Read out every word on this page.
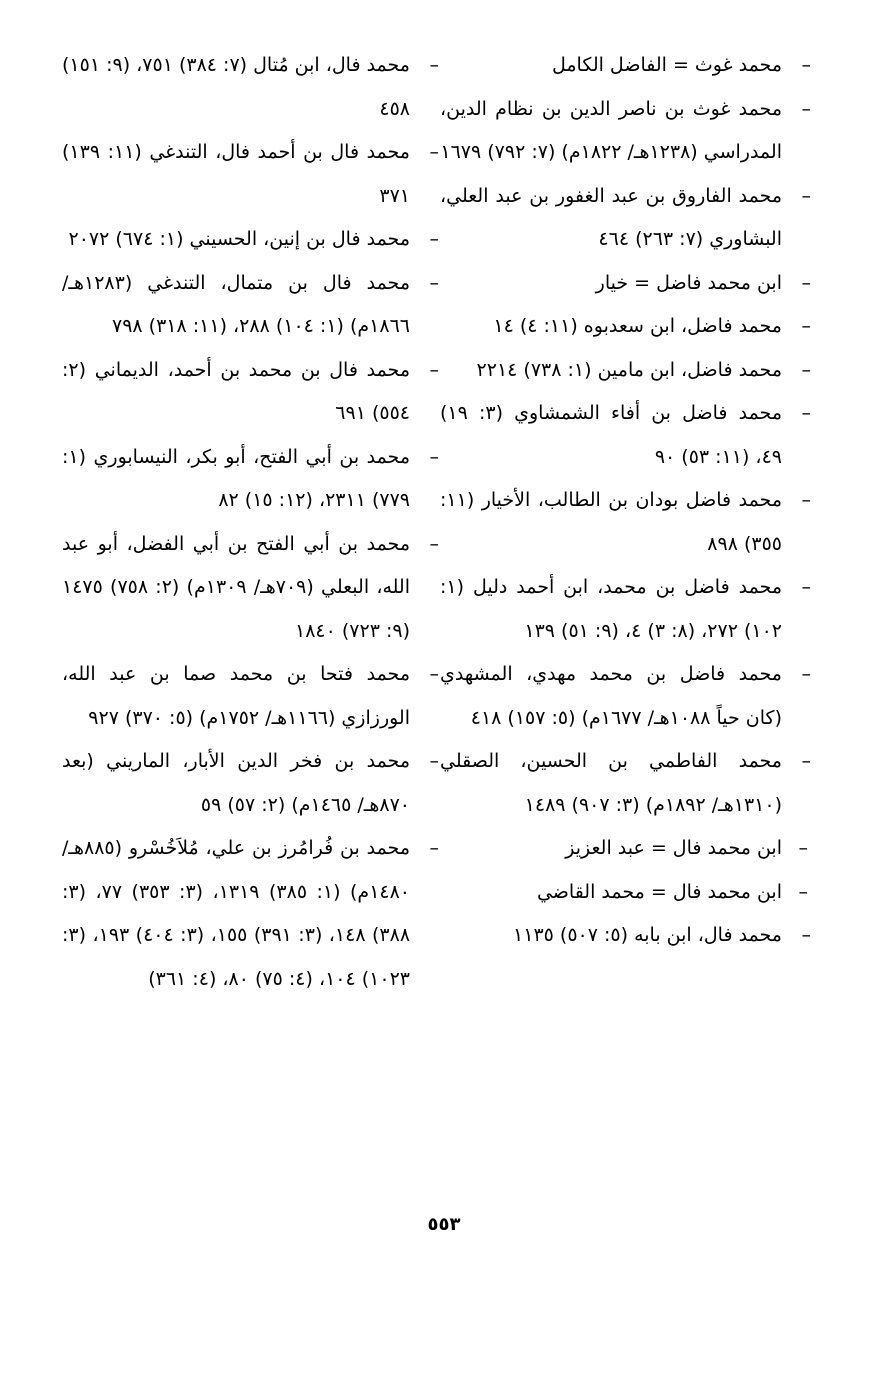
–
محمد غوث = الفاضل الكامل
–
محمد غوث بن ناصر الدين بن نظام الدين، المدراسي (١٢٣٨هـ/ ١٨٢٢م) (٧: ٧٩٢) ١٦٧٩
–
محمد الفاروق بن عبد الغفور بن عبد العلي، البشاوري (٧: ٢٦٣) ٤٦٤
–
ابن محمد فاضل = خيار
–
محمد فاضل، ابن سعدبوه (١١: ٤) ١٤
–
محمد فاضل، ابن مامين (١: ٧٣٨) ٢٢١٤
–
محمد فاضل بن أفاء الشمشاوي (٣: ١٩) ٤٩، (١١: ٥٣) ٩٠
–
محمد فاضل بودان بن الطالب، الأخيار (١١: ٣٥٥) ٨٩٨
–
محمد فاضل بن محمد، ابن أحمد دليل (١: ١٠٢) ٢٧٢، (٨: ٣) ٤، (٩: ٥١) ١٣٩
–
محمد فاضل بن محمد مهدي، المشهدي (كان حياً ١٠٨٨هـ/ ١٦٧٧م) (٥: ١٥٧) ٤١٨
–
محمد الفاطمي بن الحسين، الصقلي (١٣١٠هـ/ ١٨٩٢م) (٣: ٩٠٧) ١٤٨٩
–
ابن محمد فال = عبد العزيز
–
ابن محمد فال = محمد القاضي
–
محمد فال، ابن بابه (٥: ٥٠٧) ١١٣٥
–
محمد فال، ابن مُتال (٧: ٣٨٤) ٧٥١، (٩: ١٥١) ٤٥٨
–
محمد فال بن أحمد فال، التندغي (١١: ١٣٩) ٣٧١
–
محمد فال بن إنين، الحسيني (١: ٦٧٤) ٢٠٧٢
–
محمد فال بن متمال، التندغي (١٢٨٣هـ/ ١٨٦٦م) (١: ١٠٤) ٢٨٨، (١١: ٣١٨) ٧٩٨
–
محمد فال بن محمد بن أحمد، الديماني (٢: ٥٥٤) ٦٩١
–
محمد بن أبي الفتح، أبو بكر، النيسابوري (١: ٧٧٩) ٢٣١١، (١٢: ١٥) ٨٢
–
محمد بن أبي الفتح بن أبي الفضل، أبو عبد الله، البعلي (٧٠٩هـ/ ١٣٠٩م) (٢: ٧٥٨) ١٤٧٥ (٩: ٧٢٣) ١٨٤٠
–
محمد فتحا بن محمد صما بن عبد الله، الورزازي (١١٦٦هـ/ ١٧٥٢م) (٥: ٣٧٠) ٩٢٧
–
محمد بن فخر الدين الأبار، الماريني (بعد ٨٧٠هـ/ ١٤٦٥م) (٢: ٥٧) ٥٩
–
محمد بن فُرامُرز بن علي، مُلاَخُسْرو (٨٨٥هـ/ ١٤٨٠م) (١: ٣٨٥) ١٣١٩، (٣: ٣٥٣) ٧٧، (٣: ٣٨٨) ١٤٨، (٣: ٣٩١) ١٥٥، (٣: ٤٠٤) ١٩٣، (٣: ١٠٢٣) ١٠٤، (٤: ٧٥) ٨٠، (٤: ٣٦١)
٥٥٣
